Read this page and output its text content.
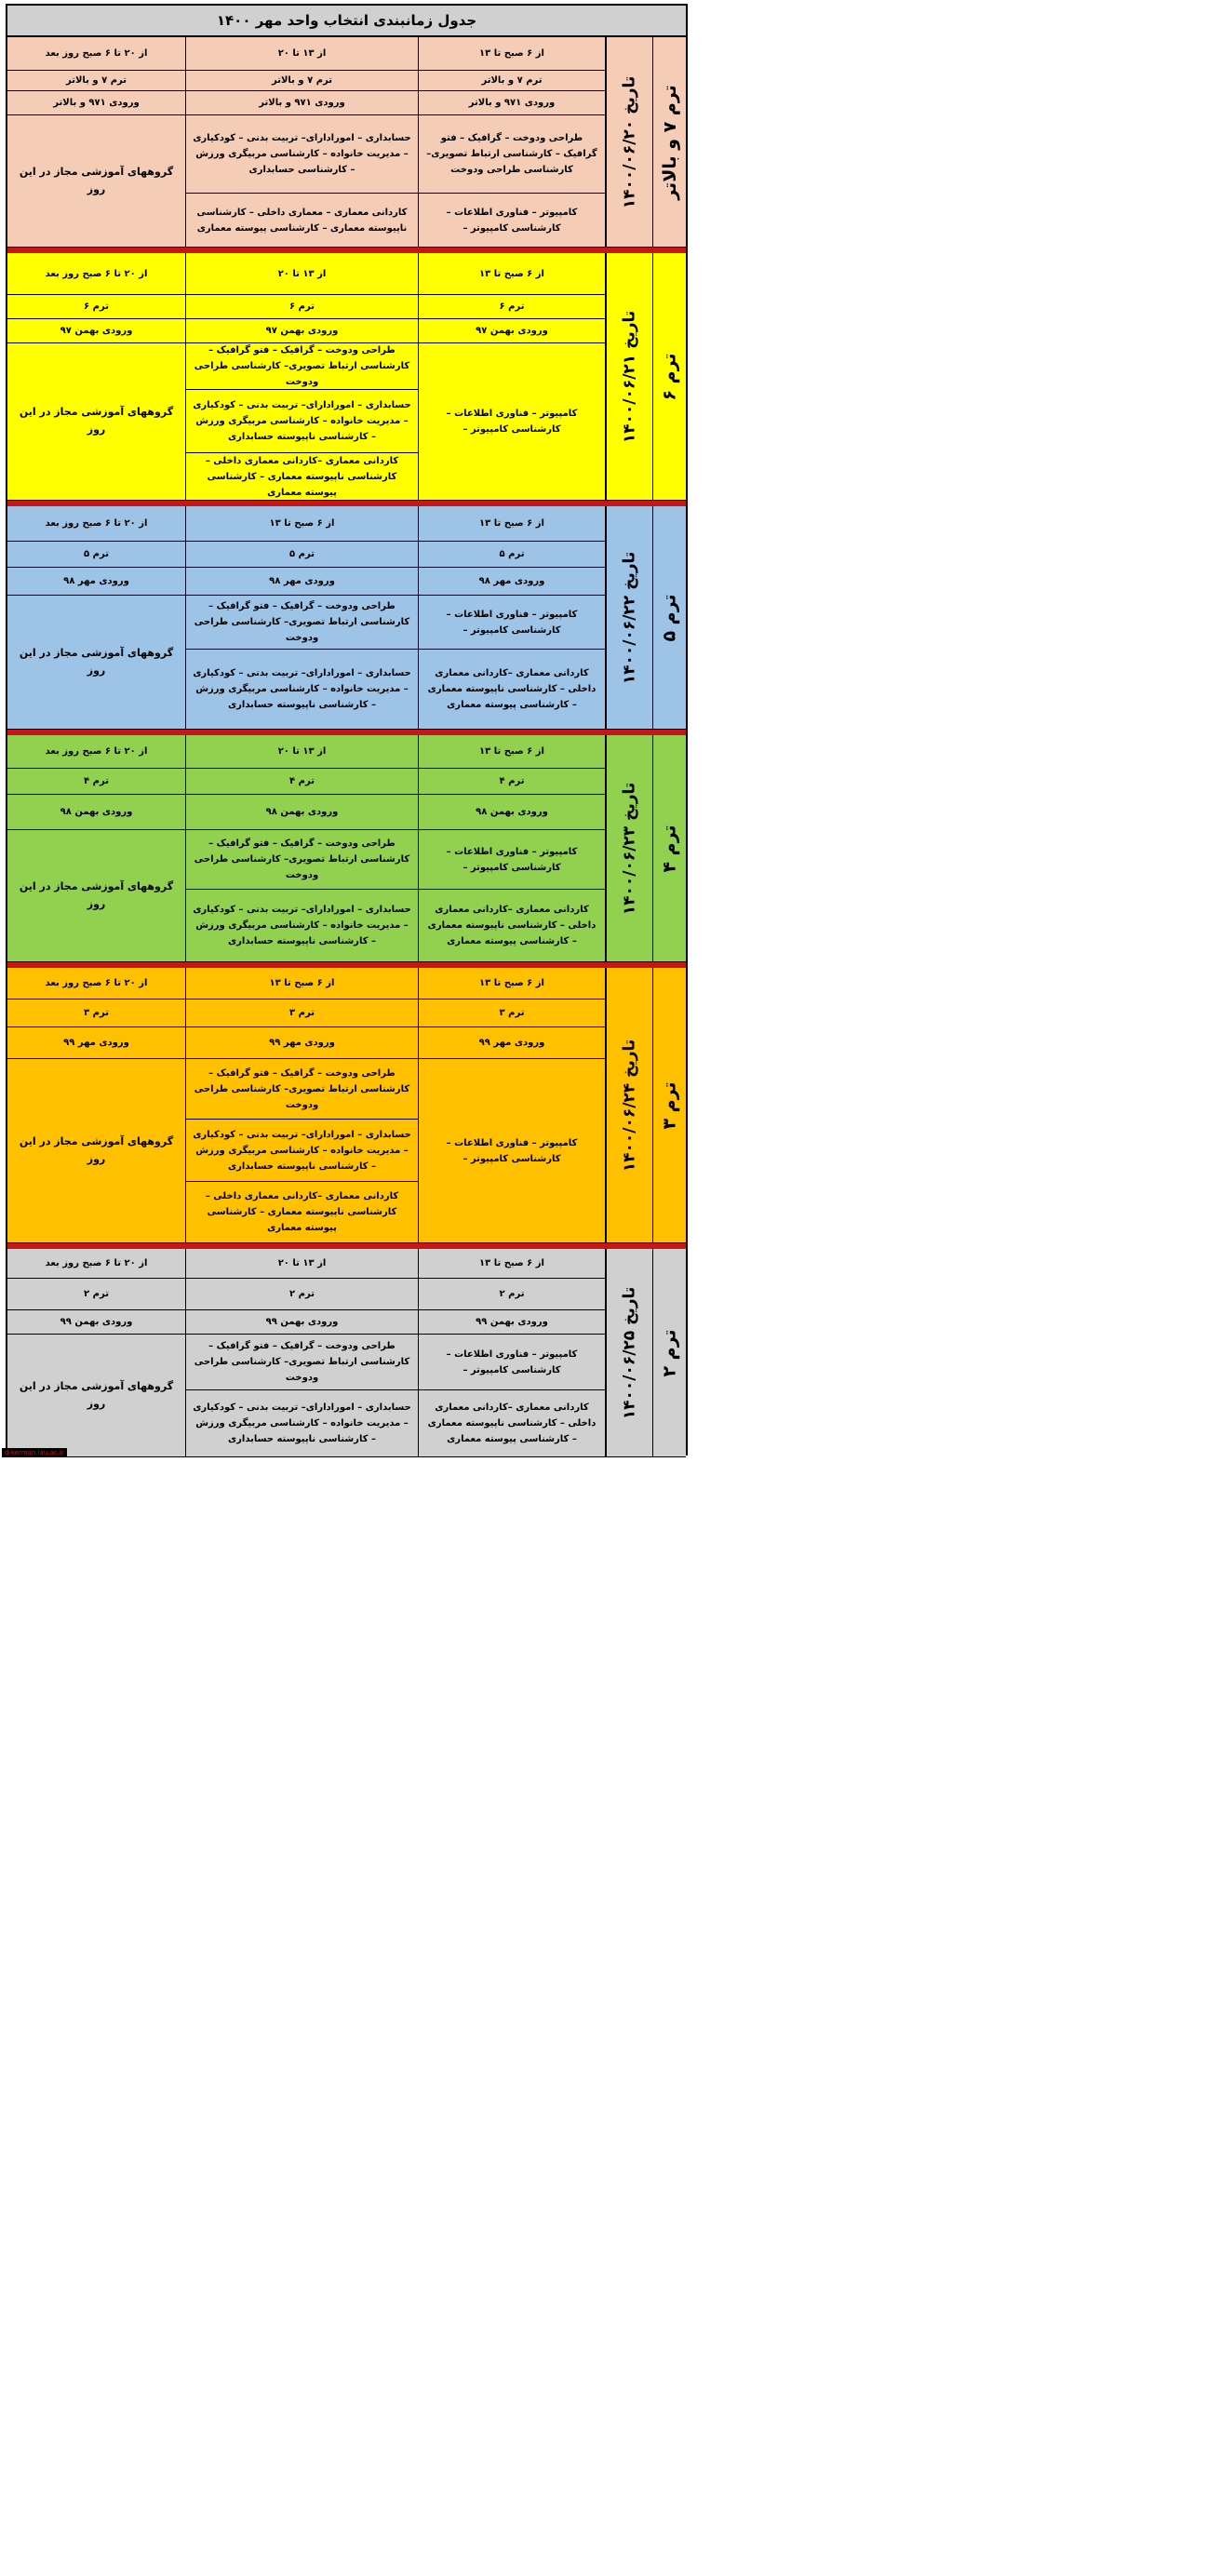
جدول زمانبندی انتخاب واحد مهر ۱۴۰۰
ترم ۷ و بالاتر
تاریخ ۱۴۰۰/۰۶/۲۰
از ۶ صبح تا ۱۳
ترم ۷ و بالاتر
ورودی ۹۷۱ و بالاتر
طراحی ودوخت – گرافیک – فتو گرافیک – کارشناسی ارتباط تصویری– کارشناسی طراحی ودوخت
کامپیوتر – فناوری اطلاعات – کارشناسی کامپیوتر –
از ۱۳ تا ۲۰
ترم ۷ و بالاتر
ورودی ۹۷۱ و بالاتر
حسابداری – امورادارای– تربیت بدنی – کودکیاری – مدیریت خانواده – کارشناسی مربیگری ورزش – کارشناسی حسابداری
کاردانی معماری – معماری داخلی – کارشناسی ناپیوسته معماری – کارشناسی پیوسته معماری
از ۲۰ تا ۶ صبح روز بعد
ترم ۷ و بالاتر
ورودی ۹۷۱ و بالاتر
گروههای آموزشی مجاز در این روز
ترم ۶
تاریخ ۱۴۰۰/۰۶/۲۱
از ۶ صبح تا ۱۳
ترم ۶
ورودی بهمن ۹۷
کامپیوتر – فناوری اطلاعات – کارشناسی کامپیوتر –
از ۱۳ تا ۲۰
ترم ۶
ورودی بهمن ۹۷
طراحی ودوخت – گرافیک – فتو گرافیک – کارشناسی ارتباط تصویری– کارشناسی طراحی ودوخت
حسابداری – امورادارای– تربیت بدنی – کودکیاری – مدیریت خانواده – کارشناسی مربیگری ورزش – کارشناسی ناپیوسته حسابداری
کاردانی معماری –کاردانی معماری داخلی – کارشناسی ناپیوسته معماری – کارشناسی پیوسته معماری
از ۲۰ تا ۶ صبح روز بعد
ترم ۶
ورودی بهمن ۹۷
گروههای آموزشی مجاز در این روز
ترم ۵
تاریخ ۱۴۰۰/۰۶/۲۲
از ۶ صبح تا ۱۳
ترم ۵
ورودی مهر ۹۸
کامپیوتر – فناوری اطلاعات – کارشناسی کامپیوتر –
کاردانی معماری –کاردانی معماری داخلی – کارشناسی ناپیوسته معماری – کارشناسی پیوسته معماری
از ۶ صبح تا ۱۳
ترم ۵
ورودی مهر ۹۸
طراحی ودوخت – گرافیک – فتو گرافیک – کارشناسی ارتباط تصویری– کارشناسی طراحی ودوخت
حسابداری – امورادارای– تربیت بدنی – کودکیاری – مدیریت خانواده – کارشناسی مربیگری ورزش – کارشناسی ناپیوسته حسابداری
از ۲۰ تا ۶ صبح روز بعد
ترم ۵
ورودی مهر ۹۸
گروههای آموزشی مجاز در این روز
ترم ۴
تاریخ ۱۴۰۰/۰۶/۲۳
از ۶ صبح تا ۱۳
ترم ۴
ورودی بهمن ۹۸
کامپیوتر – فناوری اطلاعات – کارشناسی کامپیوتر –
کاردانی معماری –کاردانی معماری داخلی – کارشناسی ناپیوسته معماری – کارشناسی پیوسته معماری
از ۱۳ تا ۲۰
ترم ۴
ورودی بهمن ۹۸
طراحی ودوخت – گرافیک – فتو گرافیک – کارشناسی ارتباط تصویری– کارشناسی طراحی ودوخت
حسابداری – امورادارای– تربیت بدنی – کودکیاری – مدیریت خانواده – کارشناسی مربیگری ورزش – کارشناسی ناپیوسته حسابداری
از ۲۰ تا ۶ صبح روز بعد
ترم ۴
ورودی بهمن ۹۸
گروههای آموزشی مجاز در این روز
ترم ۳
تاریخ ۱۴۰۰/۰۶/۲۴
از ۶ صبح تا ۱۳
ترم ۳
ورودی مهر ۹۹
کامپیوتر – فناوری اطلاعات – کارشناسی کامپیوتر –
از ۶ صبح تا ۱۳
ترم ۳
ورودی مهر ۹۹
طراحی ودوخت – گرافیک – فتو گرافیک – کارشناسی ارتباط تصویری– کارشناسی طراحی ودوخت
حسابداری – امورادارای– تربیت بدنی – کودکیاری – مدیریت خانواده – کارشناسی مربیگری ورزش – کارشناسی ناپیوسته حسابداری
کاردانی معماری –کاردانی معماری داخلی – کارشناسی ناپیوسته معماری – کارشناسی پیوسته معماری
از ۲۰ تا ۶ صبح روز بعد
ترم ۳
ورودی مهر ۹۹
گروههای آموزشی مجاز در این روز
ترم ۲
تاریخ ۱۴۰۰/۰۶/۲۵
از ۶ صبح تا ۱۳
ترم ۲
ورودی بهمن ۹۹
کامپیوتر – فناوری اطلاعات – کارشناسی کامپیوتر –
کاردانی معماری –کاردانی معماری داخلی – کارشناسی ناپیوسته معماری – کارشناسی پیوسته معماری
از ۱۳ تا ۲۰
ترم ۲
ورودی بهمن ۹۹
طراحی ودوخت – گرافیک – فتو گرافیک – کارشناسی ارتباط تصویری– کارشناسی طراحی ودوخت
حسابداری – امورادارای– تربیت بدنی – کودکیاری – مدیریت خانواده – کارشناسی مربیگری ورزش – کارشناسی ناپیوسته حسابداری
از ۲۰ تا ۶ صبح روز بعد
ترم ۲
ورودی بهمن ۹۹
گروههای آموزشی مجاز در این روز
d-kerman.iau.ac.ir
